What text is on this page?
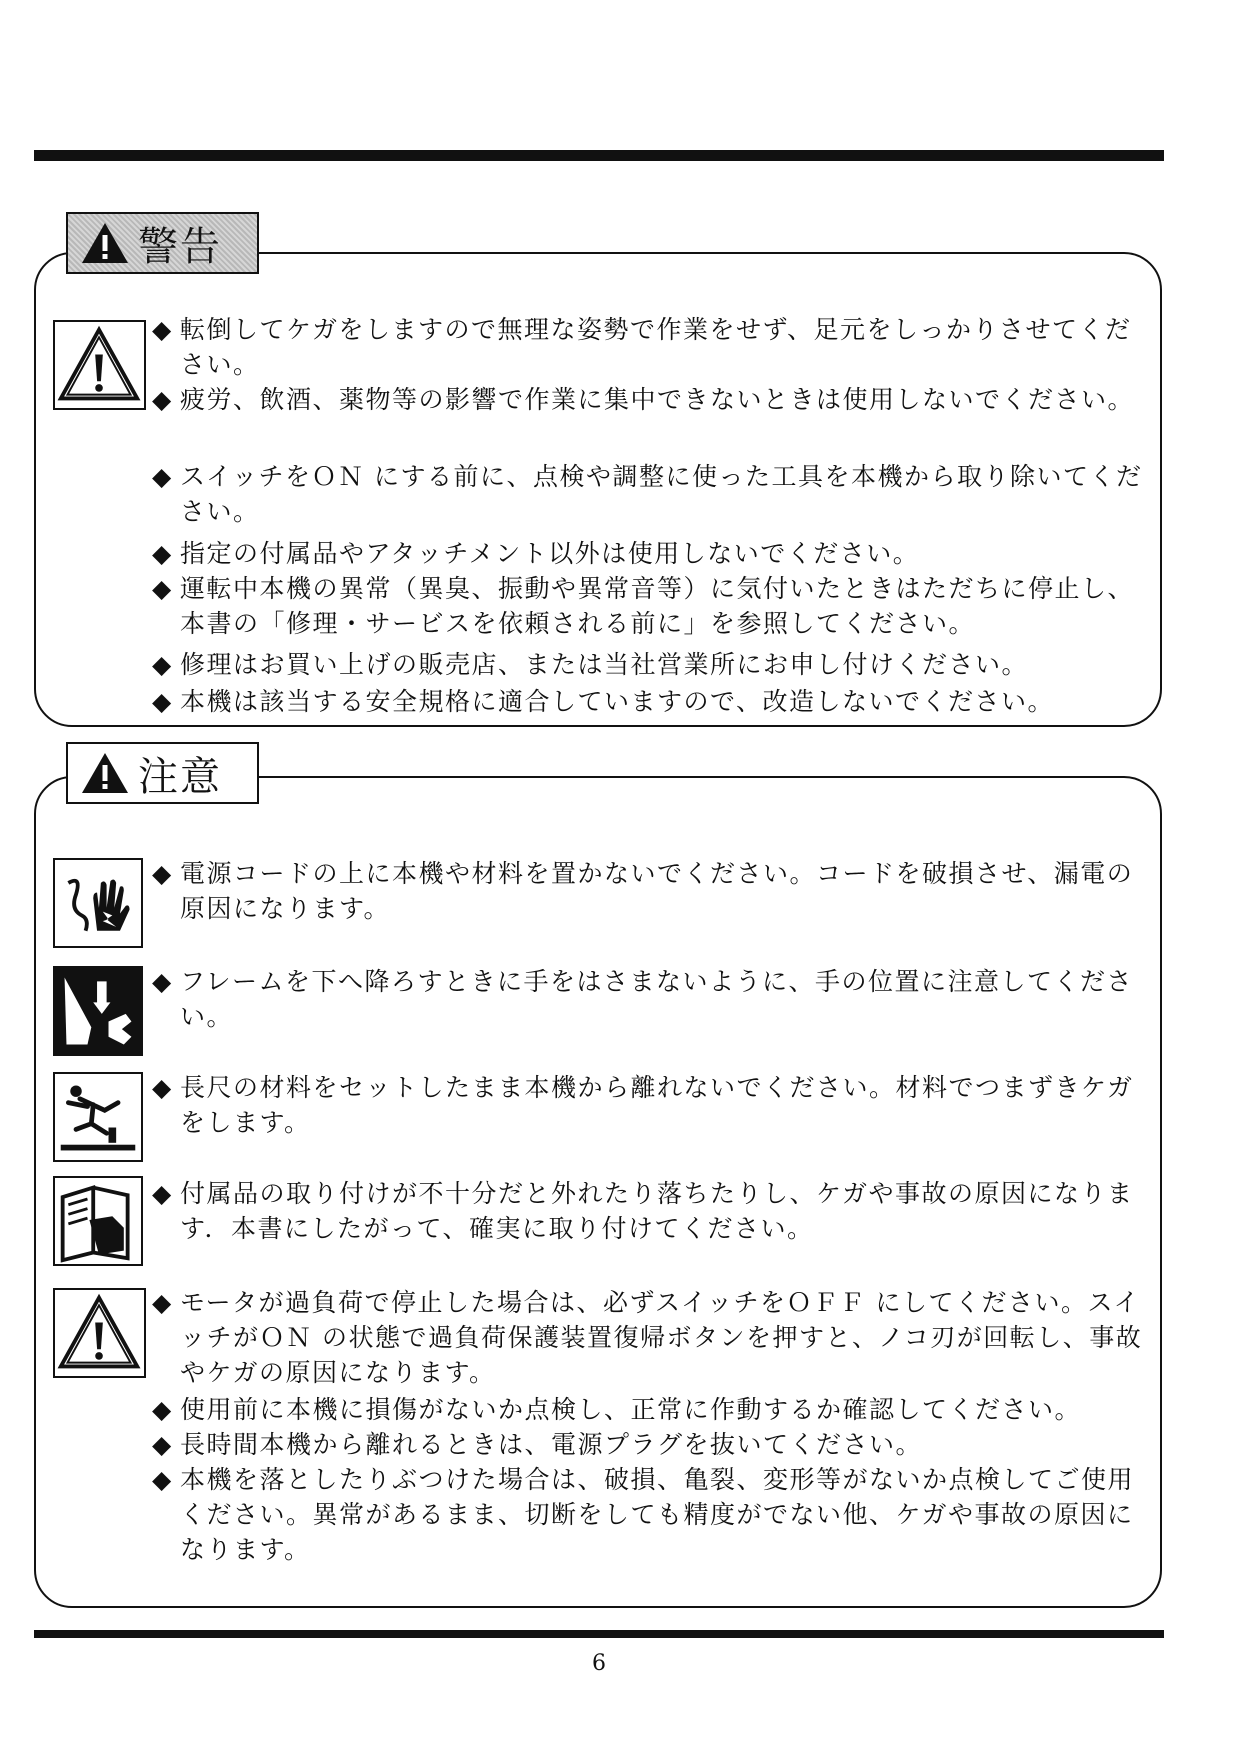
警告
◆ 転倒してケガをしますので無理な姿勢で作業をせず、足元をしっかりさせてください。
◆ 疲労、飲酒、薬物等の影響で作業に集中できないときは使用しないでください。
◆ スイッチをＯＮ にする前に、点検や調整に使った工具を本機から取り除いてください。
◆ 指定の付属品やアタッチメント以外は使用しないでください。
◆ 運転中本機の異常（異臭、振動や異常音等）に気付いたときはただちに停止し、本書の「修理・サービスを依頼される前に」を参照してください。
◆ 修理はお買い上げの販売店、または当社営業所にお申し付けください。
◆ 本機は該当する安全規格に適合していますので、改造しないでください。
注意
◆ 電源コードの上に本機や材料を置かないでください。コードを破損させ、漏電の原因になります。
◆ フレームを下へ降ろすときに手をはさまないように、手の位置に注意してください。
◆ 長尺の材料をセットしたまま本機から離れないでください。材料でつまずきケガをします。
◆ 付属品の取り付けが不十分だと外れたり落ちたりし、ケガや事故の原因になります．本書にしたがって、確実に取り付けてください。
◆ モータが過負荷で停止した場合は、必ずスイッチをＯＦＦ にしてください。スイッチがＯＮ の状態で過負荷保護装置復帰ボタンを押すと、ノコ刃が回転し、事故やケガの原因になります。
◆ 使用前に本機に損傷がないか点検し、正常に作動するか確認してください。
◆ 長時間本機から離れるときは、電源プラグを抜いてください。
◆ 本機を落としたりぶつけた場合は、破損、亀裂、変形等がないか点検してご使用ください。異常があるまま、切断をしても精度がでない他、ケガや事故の原因になります。
6
